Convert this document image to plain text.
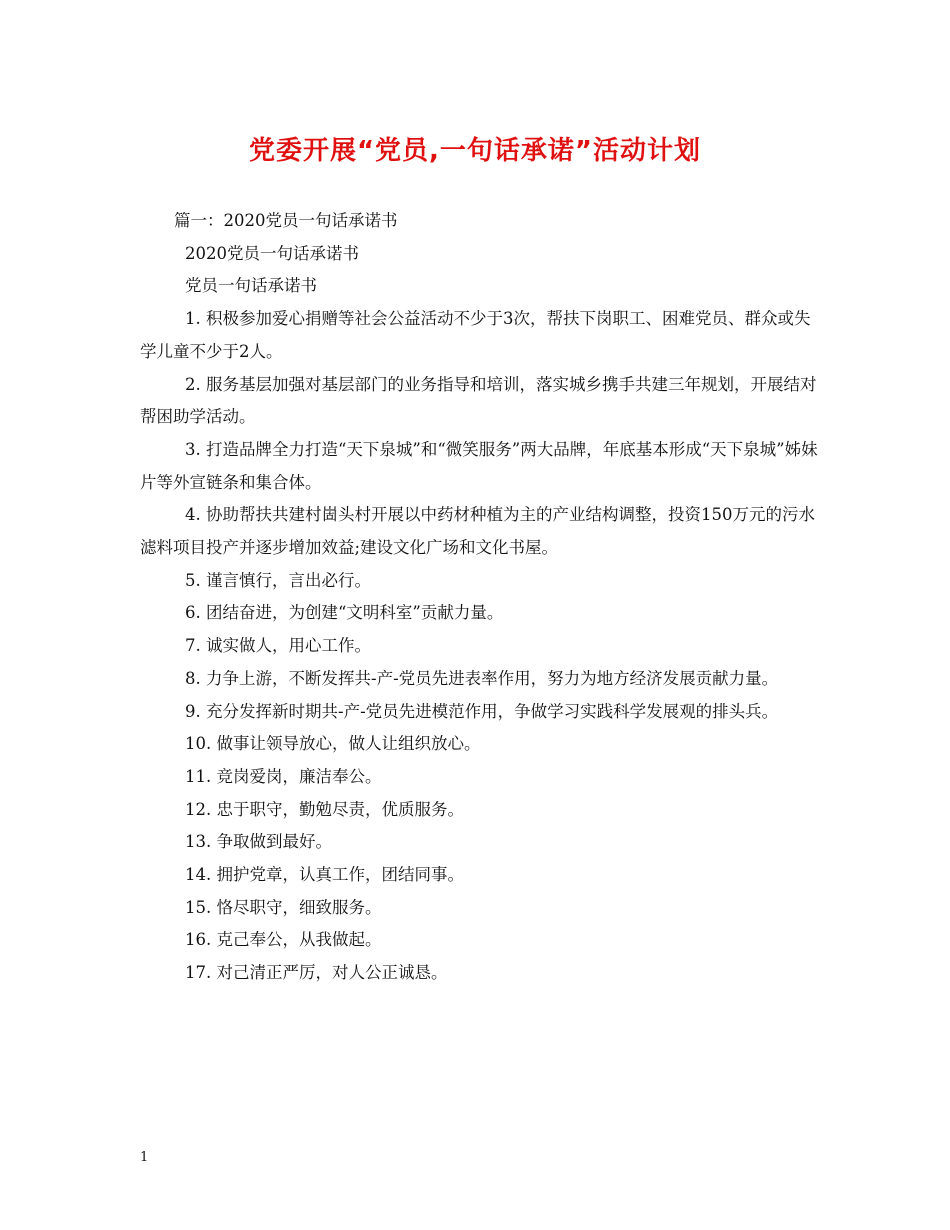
党委开展“党员,一句话承诺”活动计划

篇一：2020党员一句话承诺书

2020党员一句话承诺书

党员一句话承诺书

1. 积极参加爱心捐赠等社会公益活动不少于3次，帮扶下岗职工、困难党员、群众或失学儿童不少于2人。

2. 服务基层加强对基层部门的业务指导和培训，落实城乡携手共建三年规划，开展结对帮困助学活动。

3. 打造品牌全力打造“天下泉城”和“微笑服务”两大品牌，年底基本形成“天下泉城”姊妹片等外宣链条和集合体。

4. 协助帮扶共建村崮头村开展以中药材种植为主的产业结构调整，投资150万元的污水滤料项目投产并逐步增加效益;建设文化广场和文化书屋。

5. 谨言慎行，言出必行。

6. 团结奋进，为创建“文明科室”贡献力量。

7. 诚实做人，用心工作。

8. 力争上游，不断发挥共-产-党员先进表率作用，努力为地方经济发展贡献力量。

9. 充分发挥新时期共-产-党员先进模范作用，争做学习实践科学发展观的排头兵。

10. 做事让领导放心，做人让组织放心。

11. 竞岗爱岗，廉洁奉公。

12. 忠于职守，勤勉尽责，优质服务。

13. 争取做到最好。

14. 拥护党章，认真工作，团结同事。

15. 恪尽职守，细致服务。

16. 克己奉公，从我做起。

17. 对己清正严厉，对人公正诚恳。

1
